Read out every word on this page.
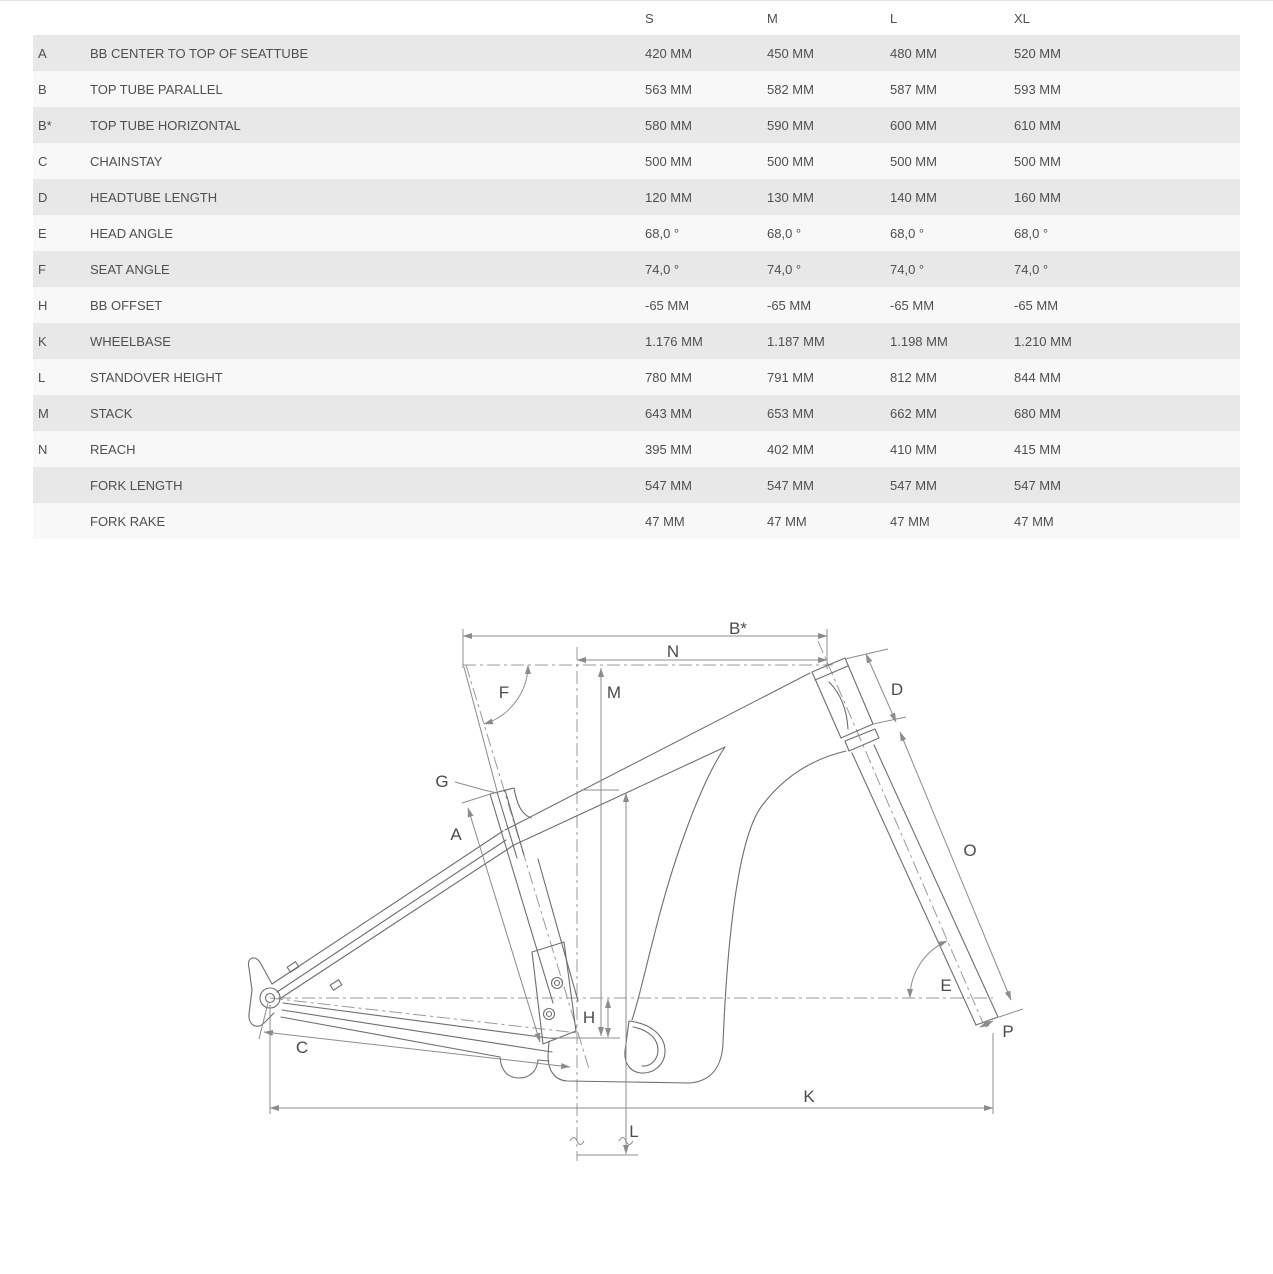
		S	M	L	XL
A	BB CENTER TO TOP OF SEATTUBE	420 MM	450 MM	480 MM	520 MM
B	TOP TUBE PARALLEL	563 MM	582 MM	587 MM	593 MM
B*	TOP TUBE HORIZONTAL	580 MM	590 MM	600 MM	610 MM
C	CHAINSTAY	500 MM	500 MM	500 MM	500 MM
D	HEADTUBE LENGTH	120 MM	130 MM	140 MM	160 MM
E	HEAD ANGLE	68,0 °	68,0 °	68,0 °	68,0 °
F	SEAT ANGLE	74,0 °	74,0 °	74,0 °	74,0 °
H	BB OFFSET	-65 MM	-65 MM	-65 MM	-65 MM
K	WHEELBASE	1.176 MM	1.187 MM	1.198 MM	1.210 MM
L	STANDOVER HEIGHT	780 MM	791 MM	812 MM	844 MM
M	STACK	643 MM	653 MM	662 MM	680 MM
N	REACH	395 MM	402 MM	410 MM	415 MM
	FORK LENGTH	547 MM	547 MM	547 MM	547 MM
	FORK RAKE	47 MM	47 MM	47 MM	47 MM
B*
N
F	M
G
A
D
O
E
H
C
K
L
P
